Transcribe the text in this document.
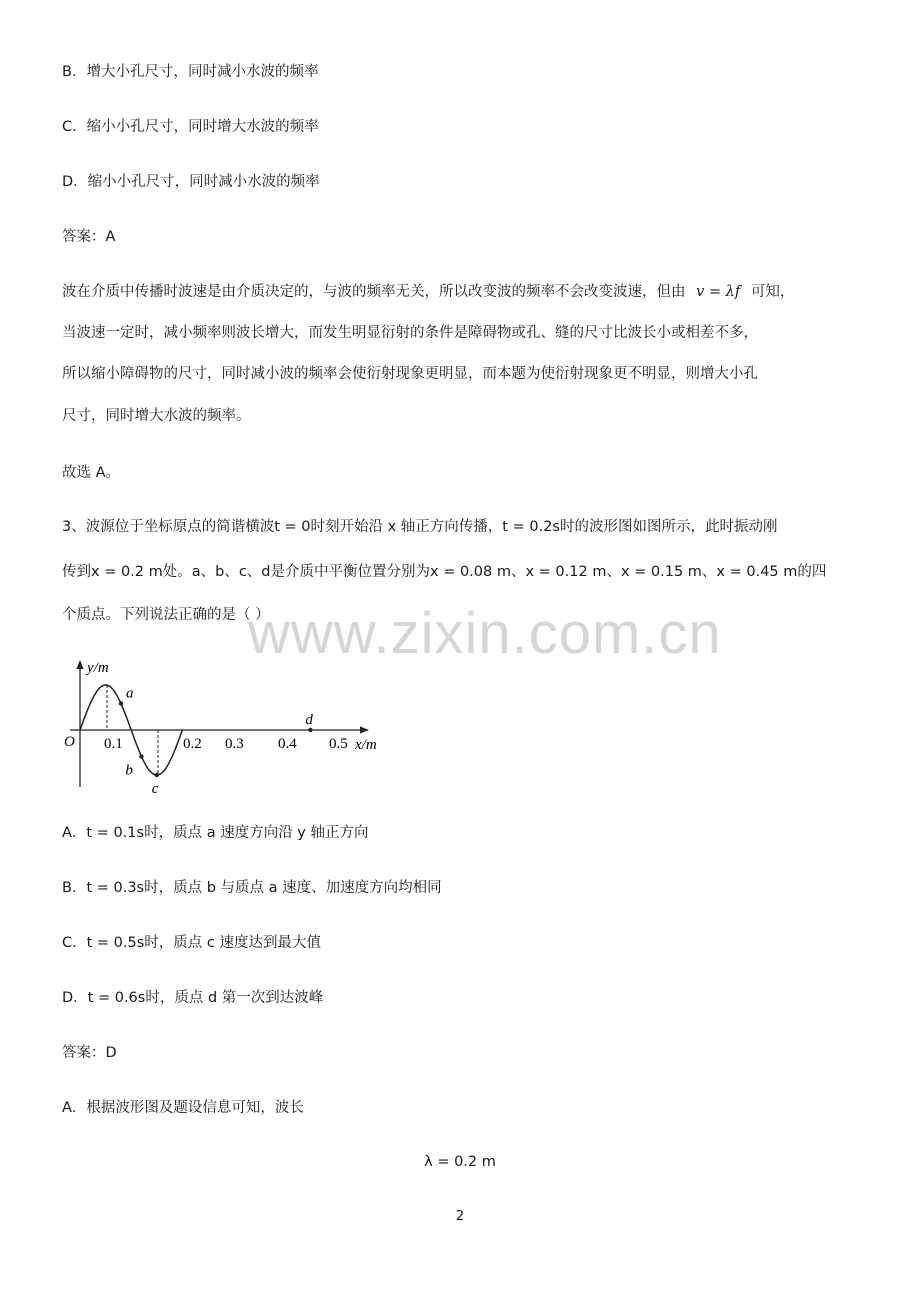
www.zixin.com.cn
B．增大小孔尺寸，同时减小水波的频率
C．缩小小孔尺寸，同时增大水波的频率
D．缩小小孔尺寸，同时减小水波的频率
答案：A
波在介质中传播时波速是由介质决定的，与波的频率无关，所以改变波的频率不会改变波速，但由 v = λf 可知，
当波速一定时，减小频率则波长增大，而发生明显衍射的条件是障碍物或孔、缝的尺寸比波长小或相差不多，
所以缩小障碍物的尺寸，同时减小波的频率会使衍射现象更明显，而本题为使衍射现象更不明显，则增大小孔
尺寸，同时增大水波的频率。
故选 A。
3、波源位于坐标原点的简谐横波t = 0时刻开始沿 x 轴正方向传播，t = 0.2s时的波形图如图所示，此时振动刚
传到x = 0.2 m处。a、b、c、d是介质中平衡位置分别为x = 0.08 m、x = 0.12 m、x = 0.15 m、x = 0.45 m的四
个质点。下列说法正确的是（ ）
0.1	0.2 0.3 0.4 0.5
a
b
c
d
y/m
x/m
O
A．t = 0.1s时，质点 a 速度方向沿 y 轴正方向
B．t = 0.3s时，质点 b 与质点 a 速度、加速度方向均相同
C．t = 0.5s时，质点 c 速度达到最大值
D．t = 0.6s时，质点 d 第一次到达波峰
答案：D
A．根据波形图及题设信息可知，波长
λ = 0.2 m
2
